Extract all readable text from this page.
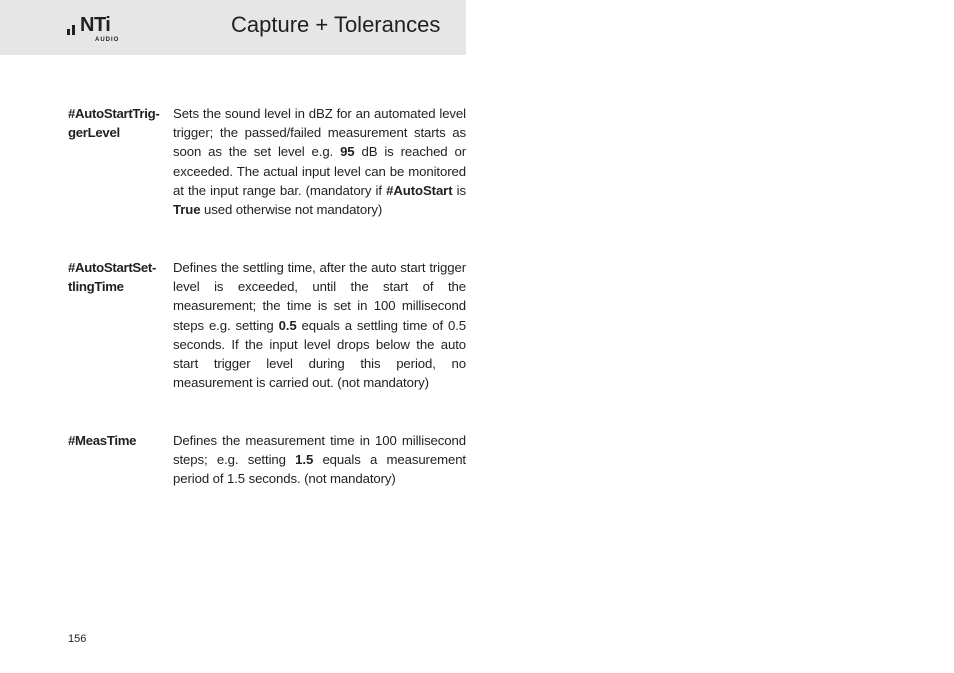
NTi
AUDIO
Capture + Tolerances
#AutoStartTrig-
gerLevel
Sets the sound level in dBZ for an automated level trigger; the passed/failed measurement starts as soon as the set level e.g. 95 dB is reached or exceeded. The actual input level can be monitored at the input range bar. (mandatory if #AutoStart is True used otherwise not mandatory)
#AutoStartSet-
tlingTime
Defines the settling time, after the auto start trigger level is exceeded, until the start of the measurement; the time is set in 100 millisecond steps e.g. setting 0.5 equals a settling time of 0.5 seconds. If the input level drops below the auto start trigger level during this period, no measurement is carried out. (not mandatory)
#MeasTime	Defines the measurement time in 100 millisecond steps; e.g. setting 1.5 equals a measurement period of 1.5 seconds. (not mandatory)
156
